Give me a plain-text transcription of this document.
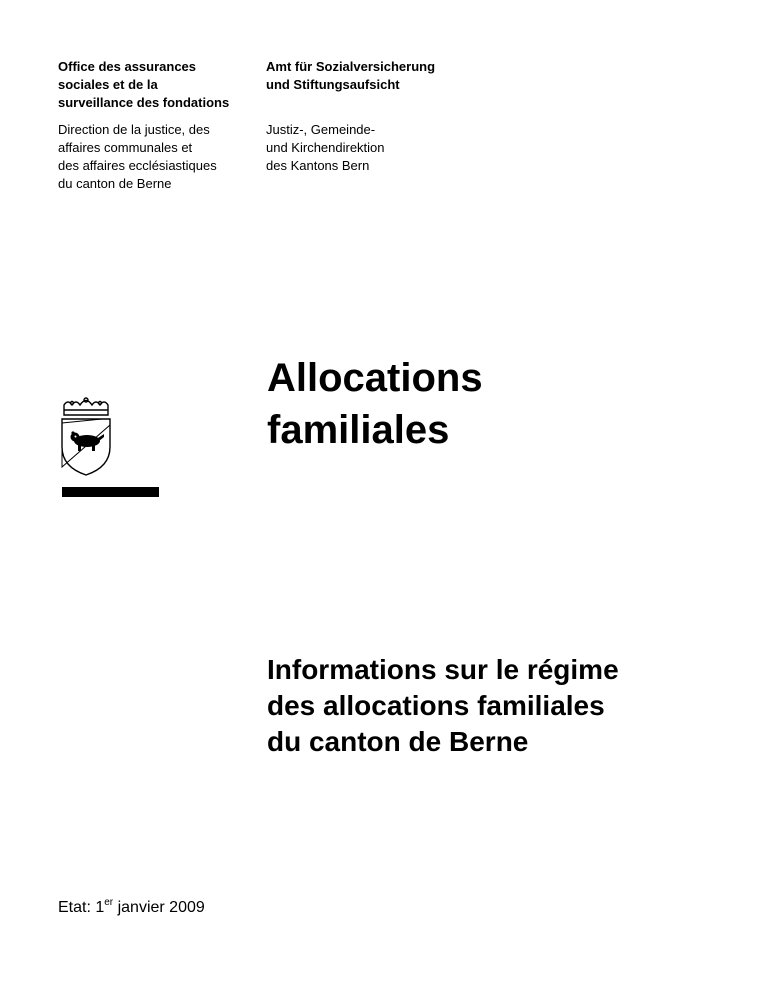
Office des assurances
sociales et de la
surveillance des fondations
Amt für Sozialversicherung
und Stiftungsaufsicht
Direction de la justice, des
affaires communales et
des affaires ecclésiastiques
du canton de Berne
Justiz-, Gemeinde-
und Kirchendirektion
des Kantons Bern
Allocations
familiales
Informations sur le régime
des allocations familiales
du canton de Berne
Etat: 1er janvier 2009
